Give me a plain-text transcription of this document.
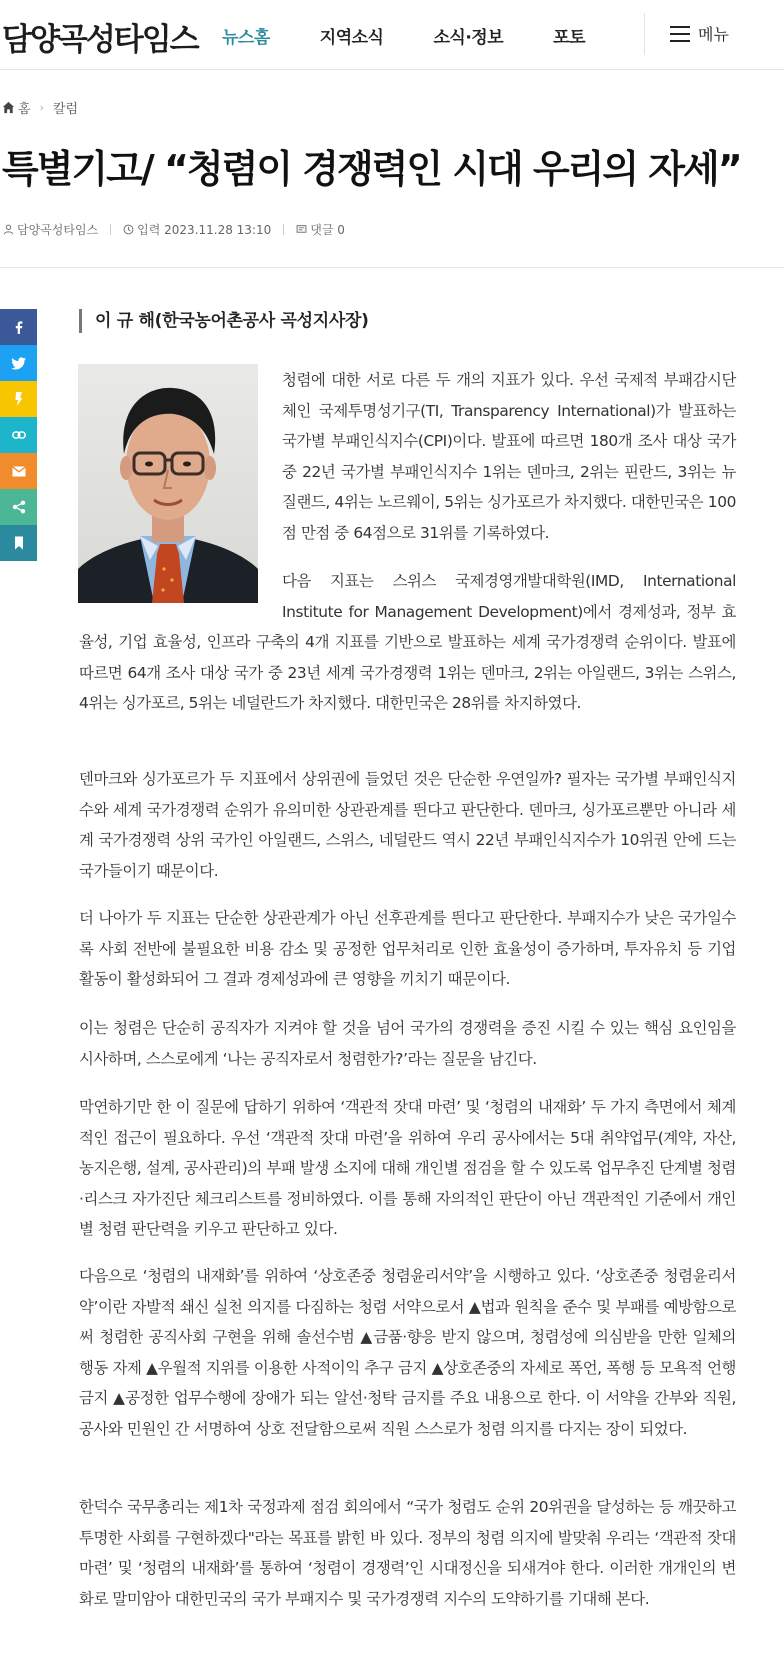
담양곡성타임스 뉴스홈	지역소식	소식·정보	포토	메뉴
홈 › 칼럼
특별기고/ “청렴이 경쟁력인 시대 우리의 자세”
담양곡성타임스	입력 2023.11.28 13:10	댓글 0
이 규 해(한국농어촌공사 곡성지사장)

청렴에 대한 서로 다른 두 개의 지표가 있다. 우선 국제적 부패감시단체인 국제투명성기구(TI, Transparency International)가 발표하는 국가별 부패인식지수(CPI)이다. 발표에 따르면 180개 조사 대상 국가 중 22년 국가별 부패인식지수 1위는 덴마크, 2위는 핀란드, 3위는 뉴질랜드, 4위는 노르웨이, 5위는 싱가포르가 차지했다. 대한민국은 100점 만점 중 64점으로 31위를 기록하였다.

다음 지표는 스위스 국제경영개발대학원(IMD, International Institute for Management Development)에서 경제성과, 정부 효율성, 기업 효율성, 인프라 구축의 4개 지표를 기반으로 발표하는 세계 국가경쟁력 순위이다. 발표에 따르면 64개 조사 대상 국가 중 23년 세계 국가경쟁력 1위는 덴마크, 2위는 아일랜드, 3위는 스위스, 4위는 싱가포르, 5위는 네덜란드가 차지했다. 대한민국은 28위를 차지하였다.

덴마크와 싱가포르가 두 지표에서 상위권에 들었던 것은 단순한 우연일까? 필자는 국가별 부패인식지수와 세계 국가경쟁력 순위가 유의미한 상관관계를 띈다고 판단한다. 덴마크, 싱가포르뿐만 아니라 세계 국가경쟁력 상위 국가인 아일랜드, 스위스, 네덜란드 역시 22년 부패인식지수가 10위권 안에 드는 국가들이기 때문이다.

더 나아가 두 지표는 단순한 상관관계가 아닌 선후관계를 띈다고 판단한다. 부패지수가 낮은 국가일수록 사회 전반에 불필요한 비용 감소 및 공정한 업무처리로 인한 효율성이 증가하며, 투자유치 등 기업활동이 활성화되어 그 결과 경제성과에 큰 영향을 끼치기 때문이다.

이는 청렴은 단순히 공직자가 지켜야 할 것을 넘어 국가의 경쟁력을 증진 시킬 수 있는 핵심 요인임을 시사하며, 스스로에게 ‘나는 공직자로서 청렴한가?’라는 질문을 남긴다.

막연하기만 한 이 질문에 답하기 위하여 ‘객관적 잣대 마련’ 및 ‘청렴의 내재화’ 두 가지 측면에서 체계적인 접근이 필요하다. 우선 ‘객관적 잣대 마련’을 위하여 우리 공사에서는 5대 취약업무(계약, 자산, 농지은행, 설계, 공사관리)의 부패 발생 소지에 대해 개인별 점검을 할 수 있도록 업무추진 단계별 청렴·리스크 자가진단 체크리스트를 정비하였다. 이를 통해 자의적인 판단이 아닌 객관적인 기준에서 개인별 청렴 판단력을 키우고 판단하고 있다.

다음으로 ‘청렴의 내재화’를 위하여 ‘상호존중 청렴윤리서약’을 시행하고 있다. ‘상호존중 청렴윤리서약’이란 자발적 쇄신 실천 의지를 다짐하는 청렴 서약으로서 ▲법과 원칙을 준수 및 부패를 예방함으로써 청렴한 공직사회 구현을 위해 솔선수범 ▲금품·향응 받지 않으며, 청렴성에 의심받을 만한 일체의 행동 자제 ▲우월적 지위를 이용한 사적이익 추구 금지 ▲상호존중의 자세로 폭언, 폭행 등 모욕적 언행 금지 ▲공정한 업무수행에 장애가 되는 알선·청탁 금지를 주요 내용으로 한다. 이 서약을 간부와 직원, 공사와 민원인 간 서명하여 상호 전달함으로써 직원 스스로가 청렴 의지를 다지는 장이 되었다.

한덕수 국무총리는 제1차 국정과제 점검 회의에서 “국가 청렴도 순위 20위권을 달성하는 등 깨끗하고 투명한 사회를 구현하겠다"라는 목표를 밝힌 바 있다. 정부의 청렴 의지에 발맞춰 우리는 ‘객관적 잣대 마련’ 및 ‘청렴의 내재화’를 통하여 ‘청렴이 경쟁력’인 시대정신을 되새겨야 한다. 이러한 개개인의 변화로 말미암아 대한민국의 국가 부패지수 및 국가경쟁력 지수의 도약하기를 기대해 본다.
